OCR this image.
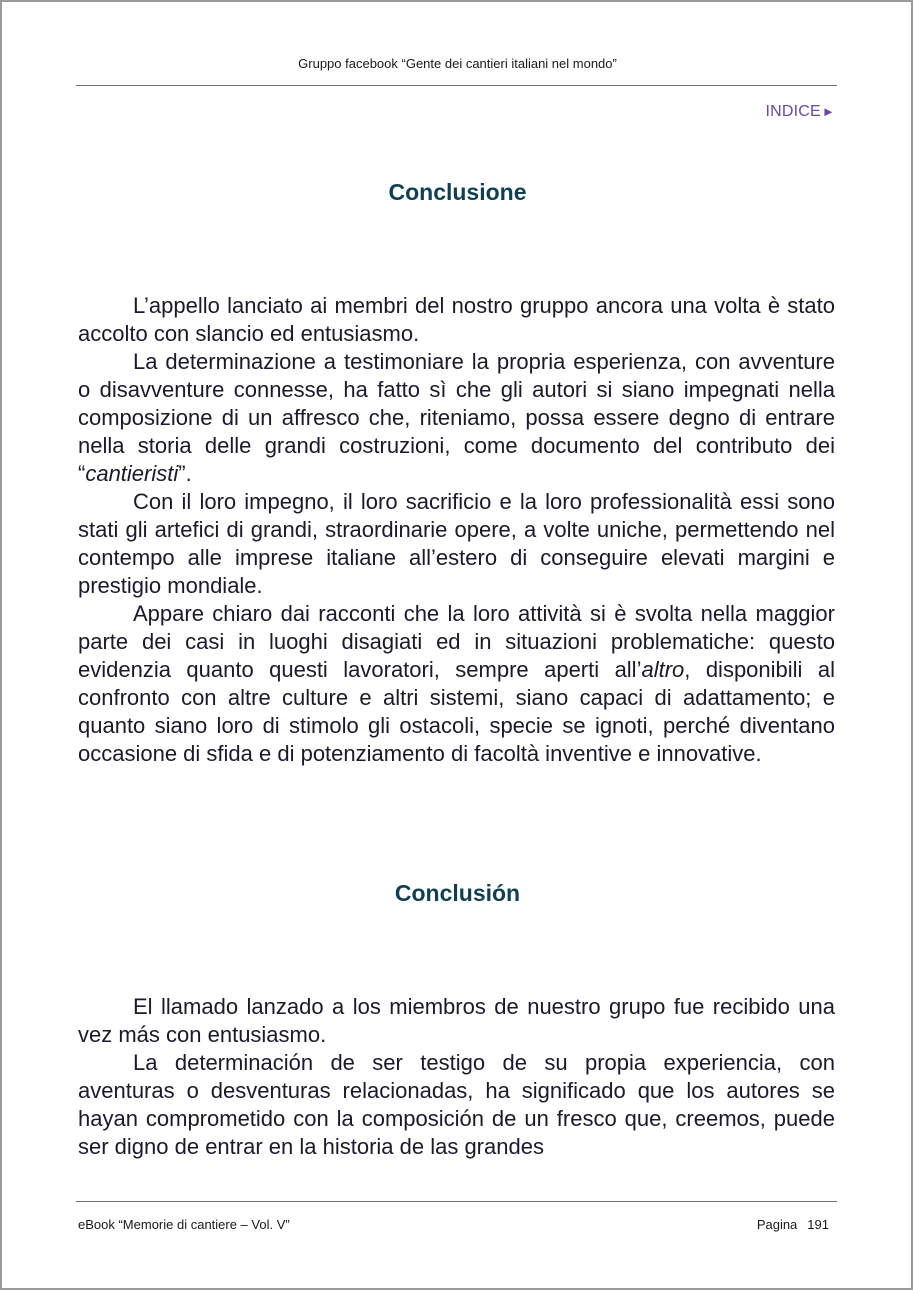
Gruppo facebook “Gente dei cantieri italiani nel mondo”
INDICE►
Conclusione

L’appello lanciato ai membri del nostro gruppo ancora una volta è stato accolto con slancio ed entusiasmo.

La determinazione a testimoniare la propria esperienza, con avventure o disavventure connesse, ha fatto sì che gli autori si siano impegnati nella composizione di un affresco che, riteniamo, possa essere degno di entrare nella storia delle grandi costruzioni, come documento del contributo dei “cantieristi”.

Con il loro impegno, il loro sacrificio e la loro professionalità essi sono stati gli artefici di grandi, straordinarie opere, a volte uniche, permettendo nel contempo alle imprese italiane all’estero di conseguire elevati margini e prestigio mondiale.

Appare chiaro dai racconti che la loro attività si è svolta nella maggior parte dei casi in luoghi disagiati ed in situazioni problematiche: questo evidenzia quanto questi lavoratori, sempre aperti all’altro, disponibili al confronto con altre culture e altri sistemi, siano capaci di adattamento; e quanto siano loro di stimolo gli ostacoli, specie se ignoti, perché diventano occasione di sfida e di potenziamento di facoltà inventive e innovative.

Conclusión

El llamado lanzado a los miembros de nuestro grupo fue recibido una vez más con entusiasmo.

La determinación de ser testigo de su propia experiencia, con aventuras o desventuras relacionadas, ha significado que los autores se hayan comprometido con la composición de un fresco que, creemos, puede ser digno de entrar en la historia de las grandes

eBook “Memorie di cantiere – Vol. V”	Pagina 191
